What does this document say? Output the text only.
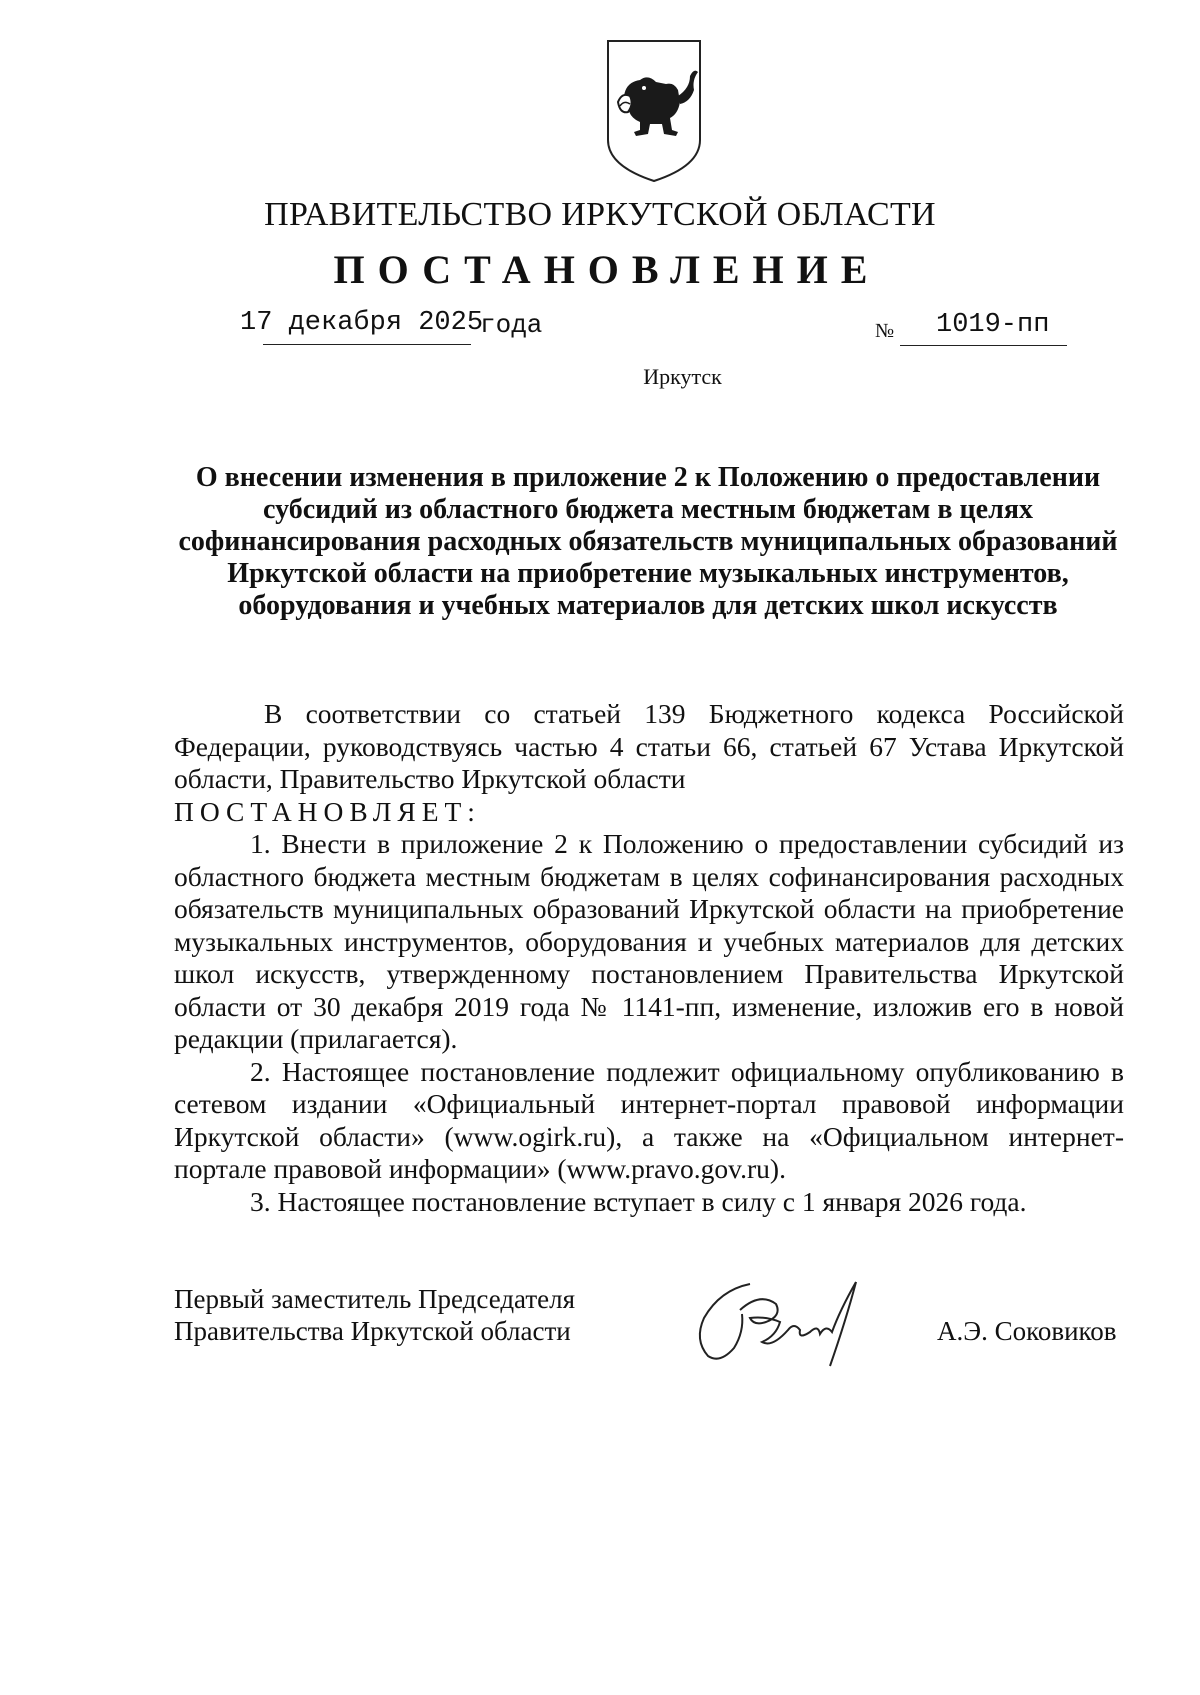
ПРАВИТЕЛЬСТВО ИРКУТСКОЙ ОБЛАСТИ
ПОСТАНОВЛЕНИЕ
17 декабря 2025
года	№ 1019-пп
Иркутск
О внесении изменения в приложение 2 к Положению о предоставлении субсидий из областного бюджета местным бюджетам в целях софинансирования расходных обязательств муниципальных образований Иркутской области на приобретение музыкальных инструментов, оборудования и учебных материалов для детских школ искусств

В соответствии со статьей 139 Бюджетного кодекса Российской Федерации, руководствуясь частью 4 статьи 66, статьей 67 Устава Иркутской области, Правительство Иркутской области

ПОСТАНОВЛЯЕТ:

1. Внести в приложение 2 к Положению о предоставлении субсидий из областного бюджета местным бюджетам в целях софинансирования расходных обязательств муниципальных образований Иркутской области на приобретение музыкальных инструментов, оборудования и учебных материалов для детских школ искусств, утвержденному постановлением Правительства Иркутской области от 30 декабря 2019 года № 1141-пп, изменение, изложив его в новой редакции (прилагается).

2. Настоящее постановление подлежит официальному опубликованию в сетевом издании «Официальный интернет-портал правовой информации Иркутской области» (www.ogirk.ru), а также на «Официальном интернет-портале правовой информации» (www.pravo.gov.ru).

3. Настоящее постановление вступает в силу с 1 января 2026 года.

Первый заместитель Председателя
Правительства Иркутской области	А.Э. Соковиков
